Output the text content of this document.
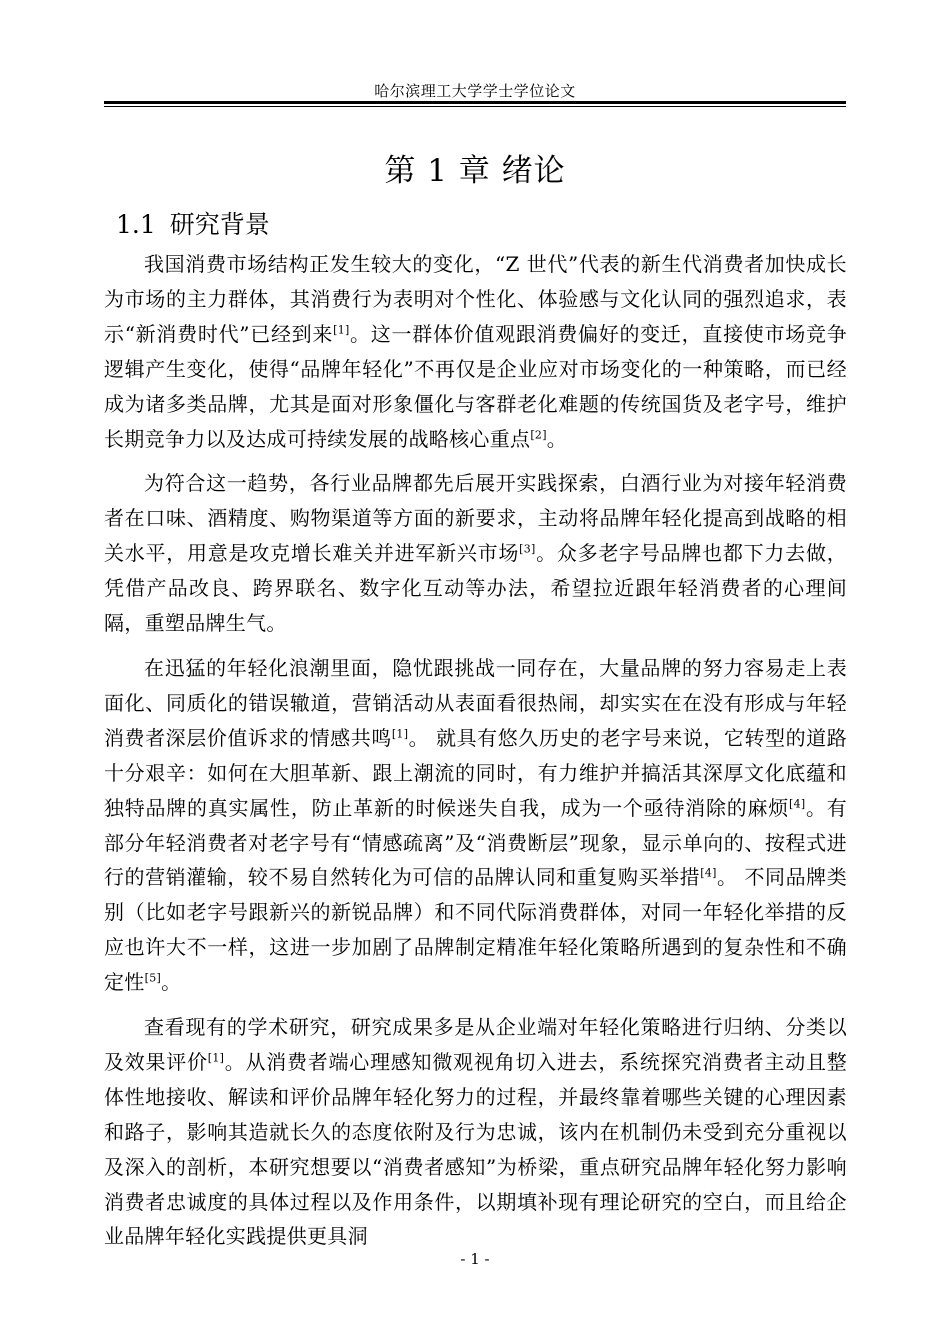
哈尔滨理工大学学士学位论文
第 1 章 绪论
1.1 研究背景

我国消费市场结构正发生较大的变化，“Z 世代”代表的新生代消费者加快成长为市场的主力群体，其消费行为表明对个性化、体验感与文化认同的强烈追求，表示“新消费时代”已经到来[1]。这一群体价值观跟消费偏好的变迁，直接使市场竞争逻辑产生变化，使得“品牌年轻化”不再仅是企业应对市场变化的一种策略，而已经成为诸多类品牌，尤其是面对形象僵化与客群老化难题的传统国货及老字号，维护长期竞争力以及达成可持续发展的战略核心重点[2]。

为符合这一趋势，各行业品牌都先后展开实践探索，白酒行业为对接年轻消费者在口味、酒精度、购物渠道等方面的新要求，主动将品牌年轻化提高到战略的相关水平，用意是攻克增长难关并进军新兴市场[3]。众多老字号品牌也都下力去做，凭借产品改良、跨界联名、数字化互动等办法，希望拉近跟年轻消费者的心理间隔，重塑品牌生气。

在迅猛的年轻化浪潮里面，隐忧跟挑战一同存在，大量品牌的努力容易走上表面化、同质化的错误辙道，营销活动从表面看很热闹，却实实在在没有形成与年轻消费者深层价值诉求的情感共鸣[1]。 就具有悠久历史的老字号来说，它转型的道路十分艰辛：如何在大胆革新、跟上潮流的同时，有力维护并搞活其深厚文化底蕴和独特品牌的真实属性，防止革新的时候迷失自我，成为一个亟待消除的麻烦[4]。有部分年轻消费者对老字号有“情感疏离”及“消费断层”现象，显示单向的、按程式进行的营销灌输，较不易自然转化为可信的品牌认同和重复购买举措[4]。 不同品牌类别（比如老字号跟新兴的新锐品牌）和不同代际消费群体，对同一年轻化举措的反应也许大不一样，这进一步加剧了品牌制定精准年轻化策略所遇到的复杂性和不确定性[5]。

查看现有的学术研究，研究成果多是从企业端对年轻化策略进行归纳、分类以及效果评价[1]。从消费者端心理感知微观视角切入进去，系统探究消费者主动且整体性地接收、解读和评价品牌年轻化努力的过程，并最终靠着哪些关键的心理因素和路子，影响其造就长久的态度依附及行为忠诚，该内在机制仍未受到充分重视以及深入的剖析，本研究想要以“消费者感知”为桥梁，重点研究品牌年轻化努力影响消费者忠诚度的具体过程以及作用条件，以期填补现有理论研究的空白，而且给企业品牌年轻化实践提供更具洞

- 1 -
